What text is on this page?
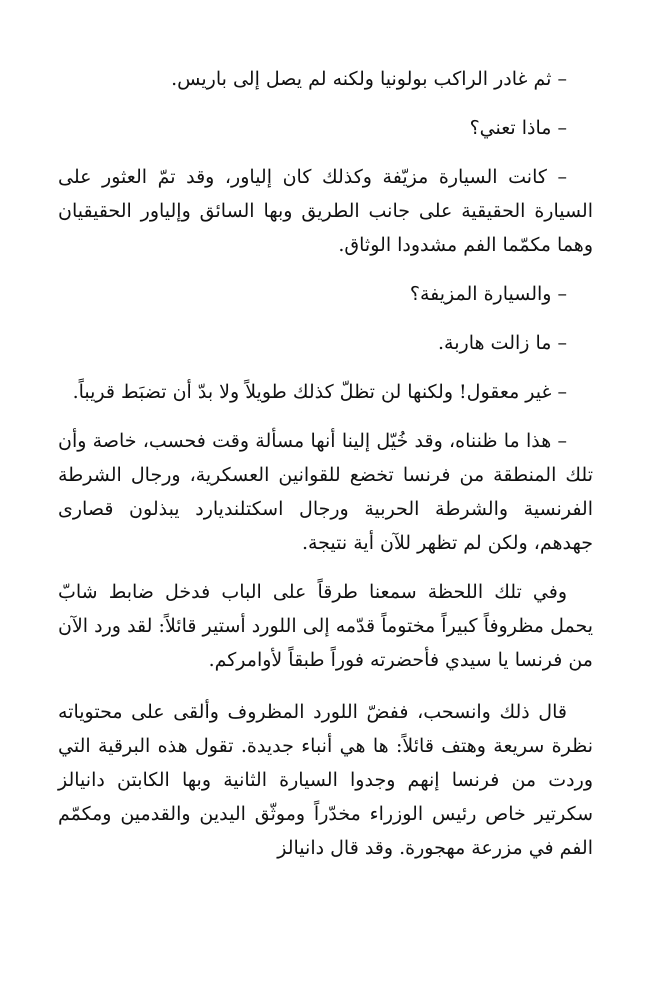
– ثم غادر الراكب بولونيا ولكنه لم يصل إلى باريس.

– ماذا تعني؟

– كانت السيارة مزيّفة وكذلك كان إلياور، وقد تمّ العثور على السيارة الحقيقية على جانب الطريق وبها السائق وإلياور الحقيقيان وهما مكمّما الفم مشدودا الوثاق.

– والسيارة المزيفة؟

– ما زالت هاربة.

– غير معقول! ولكنها لن تظلّ كذلك طويلاً ولا بدّ أن تضبَط قريباً.

– هذا ما ظنناه، وقد خُيّل إلينا أنها مسألة وقت فحسب، خاصة وأن تلك المنطقة من فرنسا تخضع للقوانين العسكرية، ورجال الشرطة الفرنسية والشرطة الحربية ورجال اسكتلنديارد يبذلون قصارى جهدهم، ولكن لم تظهر للآن أية نتيجة.

وفي تلك اللحظة سمعنا طرقاً على الباب فدخل ضابط شابّ يحمل مظروفاً كبيراً مختوماً قدّمه إلى اللورد أستير قائلاً: لقد ورد الآن من فرنسا يا سيدي فأحضرته فوراً طبقاً لأوامركم.

قال ذلك وانسحب، ففضّ اللورد المظروف وألقى على محتوياته نظرة سريعة وهتف قائلاً: ها هي أنباء جديدة. تقول هذه البرقية التي وردت من فرنسا إنهم وجدوا السيارة الثانية وبها الكابتن دانيالز سكرتير خاص رئيس الوزراء مخدّراً وموثّق اليدين والقدمين ومكمّم الفم في مزرعة مهجورة. وقد قال دانيالز
